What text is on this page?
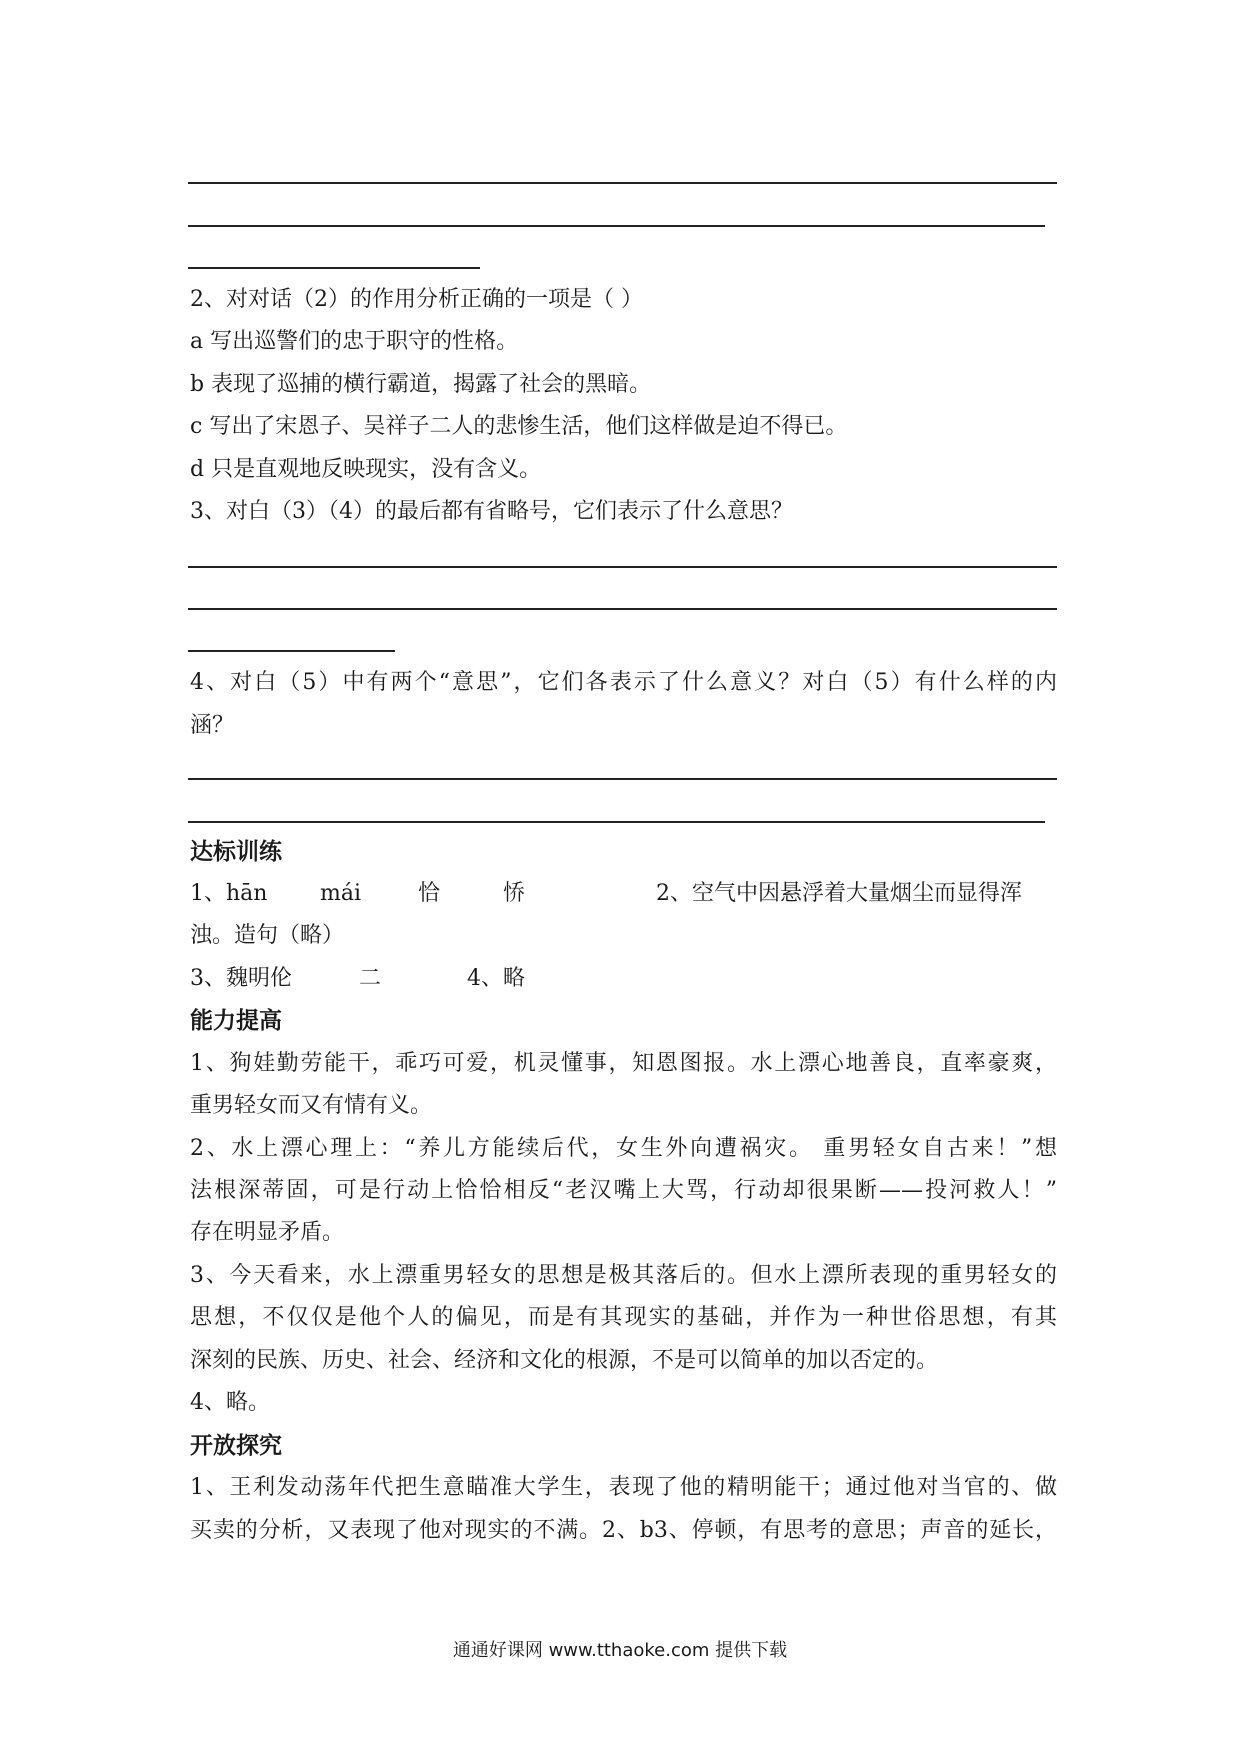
2、对对话（2）的作用分析正确的一项是（ ）
a 写出巡警们的忠于职守的性格。
b 表现了巡捕的横行霸道，揭露了社会的黑暗。
c 写出了宋恩子、吴祥子二人的悲惨生活，他们这样做是迫不得已。
d 只是直观地反映现实，没有含义。
3、对白（3）（4）的最后都有省略号，它们表示了什么意思？
4、对白（5）中有两个“意思”，它们各表示了什么意义？对白（5）有什么样的内
涵？
达标训练
1、hān mái	恰	㤭	2、空气中因悬浮着大量烟尘而显得浑
浊。造句（略）
3、魏明伦	二	4、略
能力提高
1、狗娃勤劳能干，乖巧可爱，机灵懂事，知恩图报。水上漂心地善良，直率豪爽，
重男轻女而又有情有义。
2、水上漂心理上：“养儿方能续后代，女生外向遭祸灾。 重男轻女自古来！”想
法根深蒂固，可是行动上恰恰相反“老汉嘴上大骂，行动却很果断——投河救人！”
存在明显矛盾。
3、今天看来，水上漂重男轻女的思想是极其落后的。但水上漂所表现的重男轻女的
思想，不仅仅是他个人的偏见，而是有其现实的基础，并作为一种世俗思想，有其
深刻的民族、历史、社会、经济和文化的根源，不是可以简单的加以否定的。
4、略。
开放探究
1、王利发动荡年代把生意瞄准大学生，表现了他的精明能干；通过他对当官的、做
买卖的分析，又表现了他对现实的不满。2、b3、停顿，有思考的意思；声音的延长，
通通好课网 www.tthaoke.com 提供下载
